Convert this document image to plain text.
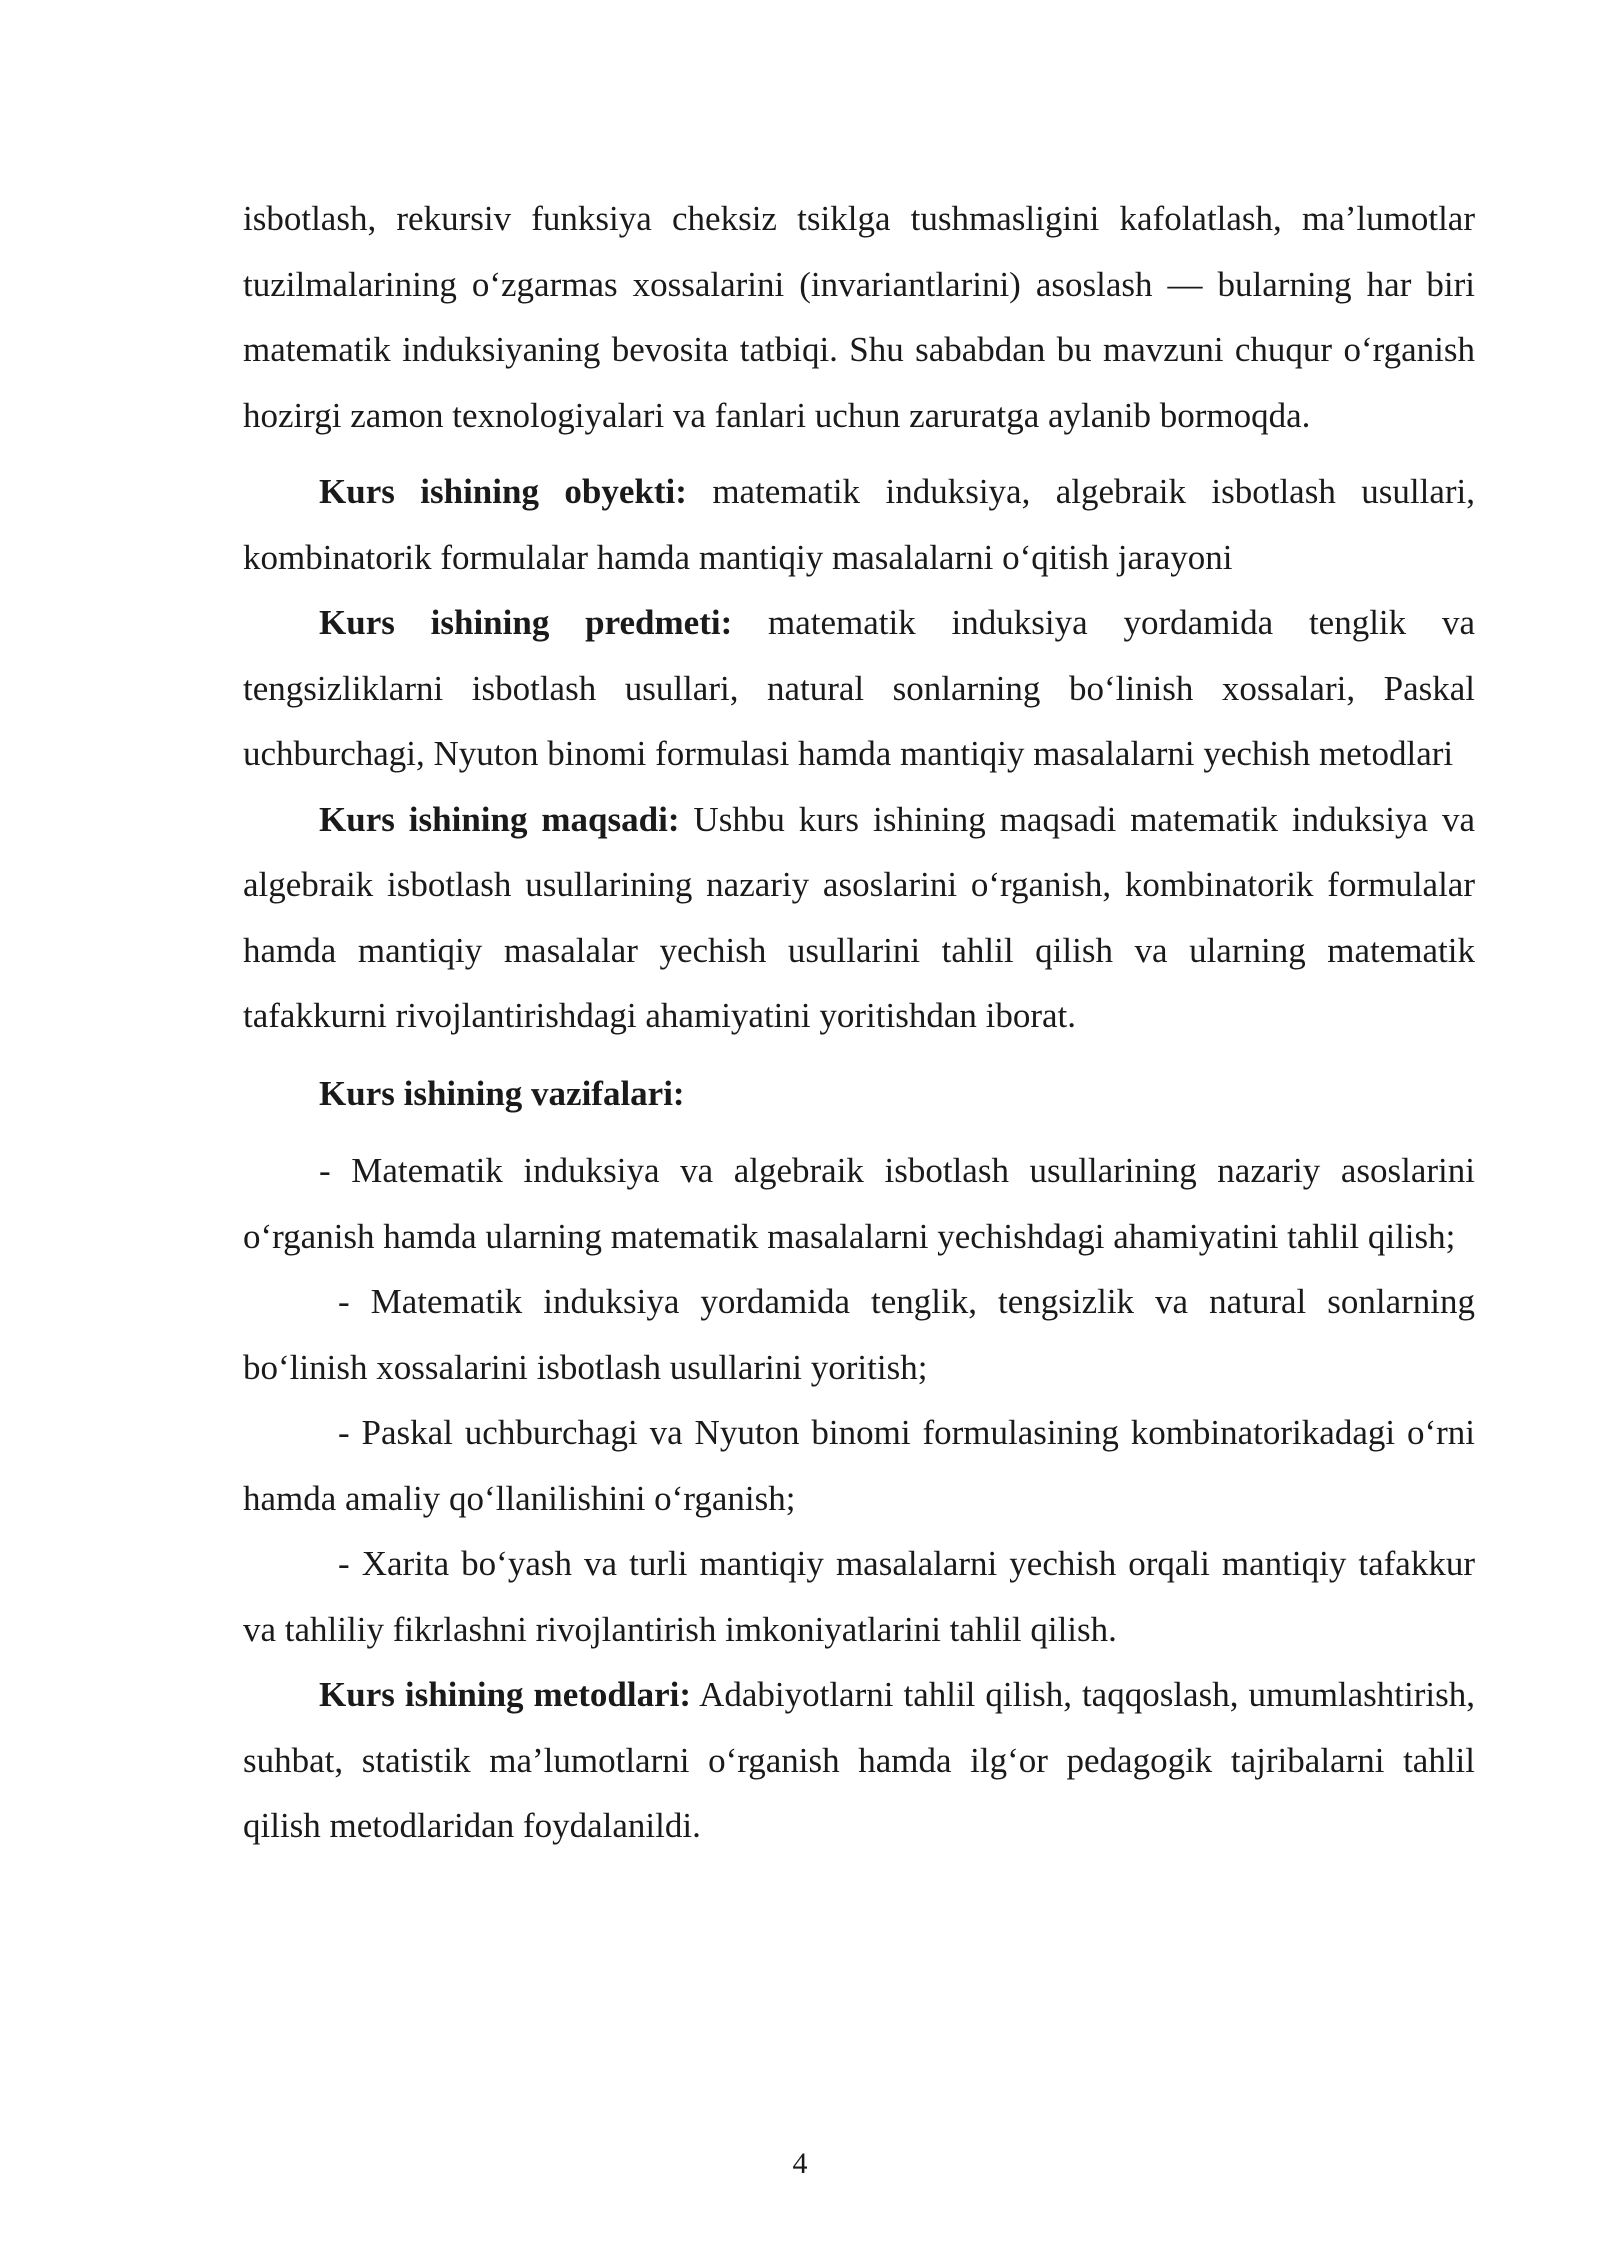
isbotlash, rekursiv funksiya cheksiz tsiklga tushmasligini kafolatlash, ma’lumotlar tuzilmalarining o‘zgarmas xossalarini (invariantlarini) asoslash — bularning har biri matematik induksiyaning bevosita tatbiqi. Shu sababdan bu mavzuni chuqur o‘rganish hozirgi zamon texnologiyalari va fanlari uchun zaruratga aylanib bormoqda.

Kurs ishining obyekti: matematik induksiya, algebraik isbotlash usullari, kombinatorik formulalar hamda mantiqiy masalalarni o‘qitish jarayoni

Kurs ishining predmeti: matematik induksiya yordamida tenglik va tengsizliklarni isbotlash usullari, natural sonlarning bo‘linish xossalari, Paskal uchburchagi, Nyuton binomi formulasi hamda mantiqiy masalalarni yechish metodlari

Kurs ishining maqsadi: Ushbu kurs ishining maqsadi matematik induksiya va algebraik isbotlash usullarining nazariy asoslarini o‘rganish, kombinatorik formulalar hamda mantiqiy masalalar yechish usullarini tahlil qilish va ularning matematik tafakkurni rivojlantirishdagi ahamiyatini yoritishdan iborat.

Kurs ishining vazifalari:

- Matematik induksiya va algebraik isbotlash usullarining nazariy asoslarini o‘rganish hamda ularning matematik masalalarni yechishdagi ahamiyatini tahlil qilish;

- Matematik induksiya yordamida tenglik, tengsizlik va natural sonlarning bo‘linish xossalarini isbotlash usullarini yoritish;

- Paskal uchburchagi va Nyuton binomi formulasining kombinatorikadagi o‘rni hamda amaliy qo‘llanilishini o‘rganish;

- Xarita bo‘yash va turli mantiqiy masalalarni yechish orqali mantiqiy tafakkur va tahliliy fikrlashni rivojlantirish imkoniyatlarini tahlil qilish.

Kurs ishining metodlari: Adabiyotlarni tahlil qilish, taqqoslash, umumlashtirish, suhbat, statistik ma’lumotlarni o‘rganish hamda ilg‘or pedagogik tajribalarni tahlil qilish metodlaridan foydalanildi.

4
